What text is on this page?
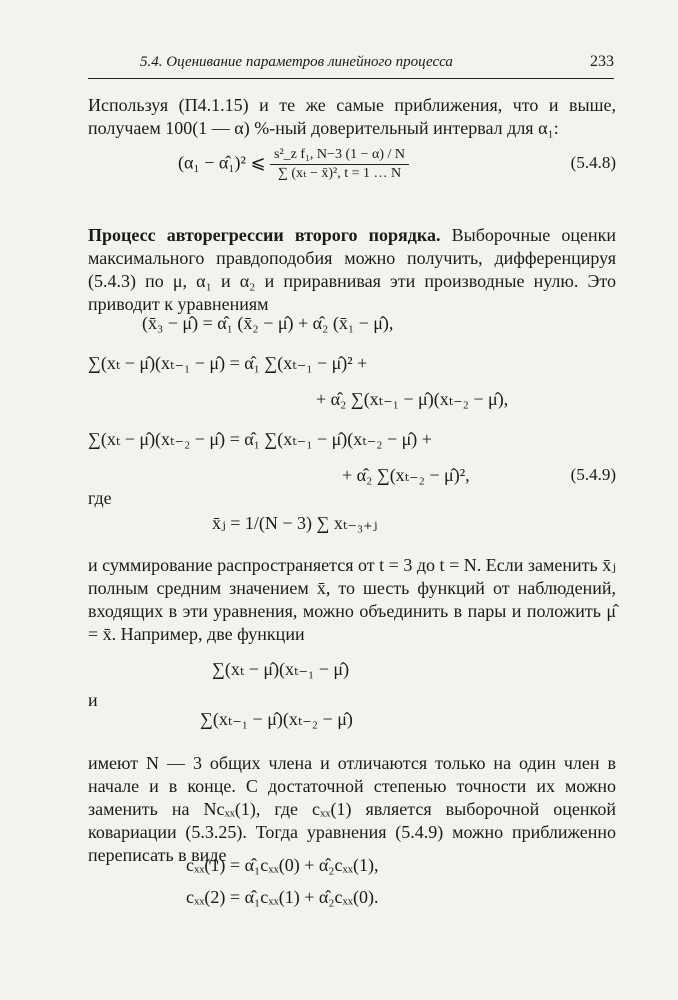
5.4. Оценивание параметров линейного процесса	233
Используя (П4.1.15) и те же самые приближения, что и выше, получаем 100(1 — α) %-ный доверительный интервал для α₁:
(α₁ − α̂₁)² ⩽ $\frac{\text{s²\_z f₁, N−3 (1 − α) / N}}{\text{∑ (xₜ − x̄)², t = 1 … N}}$	(5.4.8)
Процесс авторегрессии второго порядка. Выборочные оценки максимального правдоподобия можно получить, дифференцируя (5.4.3) по μ, α₁ и α₂ и приравнивая эти производные нулю. Это приводит к уравнениям
(x̄₃ − μ̂) = α̂₁ (x̄₂ − μ̂) + α̂₂ (x̄₁ − μ̂),
∑(xₜ − μ̂)(xₜ₋₁ − μ̂) = α̂₁ ∑(xₜ₋₁ − μ̂)² +
+ α̂₂ ∑(xₜ₋₁ − μ̂)(xₜ₋₂ − μ̂),
∑(xₜ − μ̂)(xₜ₋₂ − μ̂) = α̂₁ ∑(xₜ₋₁ − μ̂)(xₜ₋₂ − μ̂) +
+ α̂₂ ∑(xₜ₋₂ − μ̂)²,	(5.4.9)
где
x̄ⱼ = 1/(N − 3) ∑ xₜ₋₃₊ⱼ
и суммирование распространяется от t = 3 до t = N. Если заменить x̄ⱼ полным средним значением x̄, то шесть функций от наблюдений, входящих в эти уравнения, можно объединить в пары и положить μ̂ = x̄. Например, две функции
∑(xₜ − μ̂)(xₜ₋₁ − μ̂)
и
∑(xₜ₋₁ − μ̂)(xₜ₋₂ − μ̂)
имеют N — 3 общих члена и отличаются только на один член в начале и в конце. С достаточной степенью точности их можно заменить на Ncₓₓ(1), где cₓₓ(1) является выборочной оценкой ковариации (5.3.25). Тогда уравнения (5.4.9) можно приближенно переписать в виде
cₓₓ(1) = α̂₁cₓₓ(0) + α̂₂cₓₓ(1),
cₓₓ(2) = α̂₁cₓₓ(1) + α̂₂cₓₓ(0).
